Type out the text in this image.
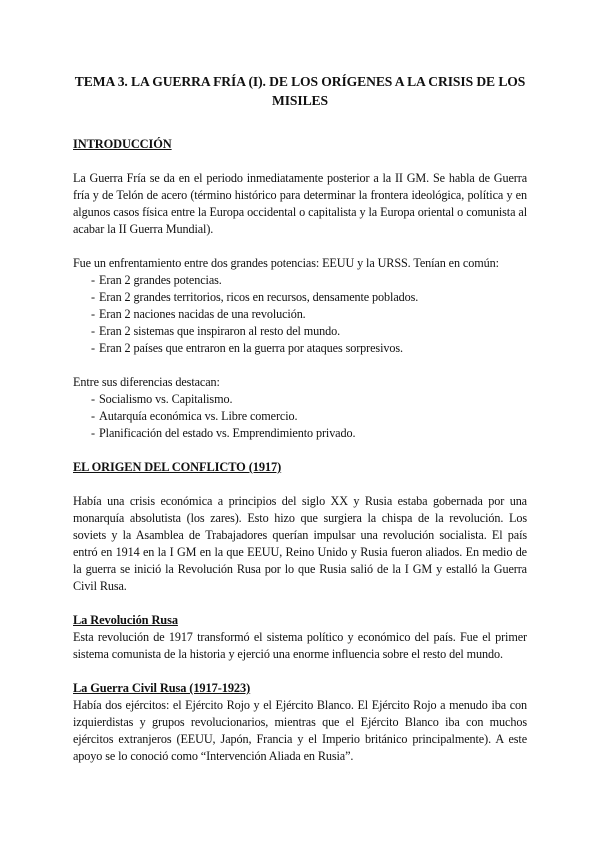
TEMA 3. LA GUERRA FRÍA (I). DE LOS ORÍGENES A LA CRISIS DE LOS MISILES
INTRODUCCIÓN

La Guerra Fría se da en el periodo inmediatamente posterior a la II GM. Se habla de Guerra fría y de Telón de acero (término histórico para determinar la frontera ideológica, política y en algunos casos física entre la Europa occidental o capitalista y la Europa oriental o comunista al acabar la II Guerra Mundial).

Fue un enfrentamiento entre dos grandes potencias: EEUU y la URSS. Tenían en común:

- Eran 2 grandes potencias.
- Eran 2 grandes territorios, ricos en recursos, densamente poblados.
- Eran 2 naciones nacidas de una revolución.
- Eran 2 sistemas que inspiraron al resto del mundo.
- Eran 2 países que entraron en la guerra por ataques sorpresivos.

Entre sus diferencias destacan:

- Socialismo vs. Capitalismo.
- Autarquía económica vs. Libre comercio.
- Planificación del estado vs. Emprendimiento privado.
EL ORIGEN DEL CONFLICTO (1917)

Había una crisis económica a principios del siglo XX y Rusia estaba gobernada por una monarquía absolutista (los zares). Esto hizo que surgiera la chispa de la revolución. Los soviets y la Asamblea de Trabajadores querían impulsar una revolución socialista. El país entró en 1914 en la I GM en la que EEUU, Reino Unido y Rusia fueron aliados. En medio de la guerra se inició la Revolución Rusa por lo que Rusia salió de la I GM y estalló la Guerra Civil Rusa.

La Revolución Rusa

Esta revolución de 1917 transformó el sistema político y económico del país. Fue el primer sistema comunista de la historia y ejerció una enorme influencia sobre el resto del mundo.

La Guerra Civil Rusa (1917-1923)

Había dos ejércitos: el Ejército Rojo y el Ejército Blanco. El Ejército Rojo a menudo iba con izquierdistas y grupos revolucionarios, mientras que el Ejército Blanco iba con muchos ejércitos extranjeros (EEUU, Japón, Francia y el Imperio británico principalmente). A este apoyo se lo conoció como “Intervención Aliada en Rusia”.
